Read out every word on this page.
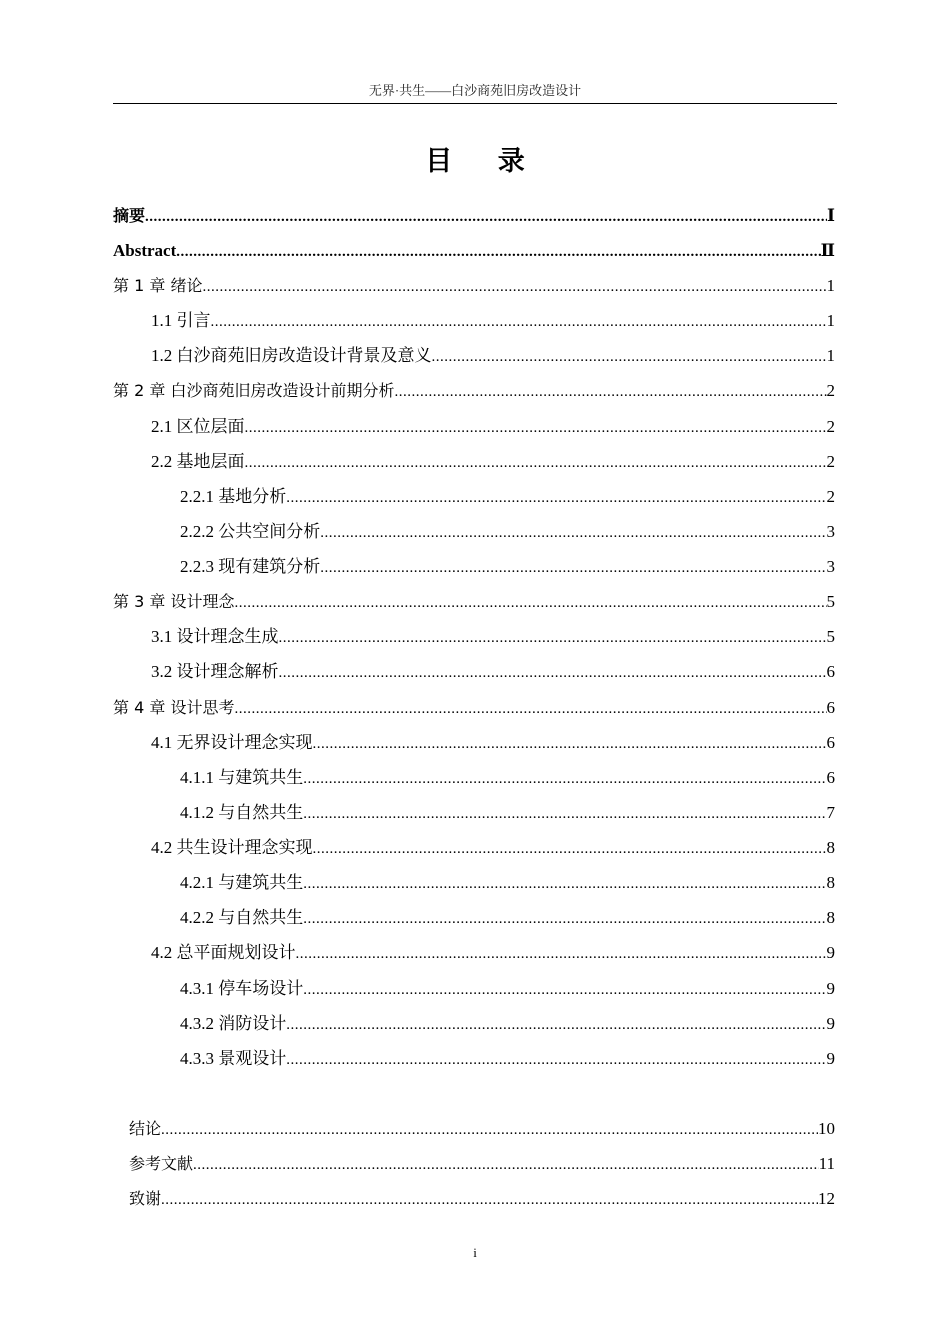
无界·共生——白沙商苑旧房改造设计
目 录
摘要 .....	Ⅰ
Abstract .....	Ⅱ
第 1 章 绪论 .....	1
1.1 引言 .....	1
1.2 白沙商苑旧房改造设计背景及意义 .....	1
第 2 章 白沙商苑旧房改造设计前期分析 .....	2
2.1 区位层面 .....	2
2.2 基地层面 .....	2
2.2.1 基地分析 .....	2
2.2.2 公共空间分析 .....	3
2.2.3 现有建筑分析 .....	3
第 3 章 设计理念 .....	5
3.1 设计理念生成 .....	5
3.2 设计理念解析 .....	6
第 4 章 设计思考 .....	6
4.1 无界设计理念实现 .....	6
4.1.1 与建筑共生 .....	6
4.1.2 与自然共生 .....	7
4.2 共生设计理念实现 .....	8
4.2.1 与建筑共生 .....	8
4.2.2 与自然共生 .....	8
4.2 总平面规划设计 .....	9
4.3.1 停车场设计 .....	9
4.3.2 消防设计 .....	9
4.3.3 景观设计 .....	9
结论 .....	10
参考文献 .....	11
致谢 .....	12
i
